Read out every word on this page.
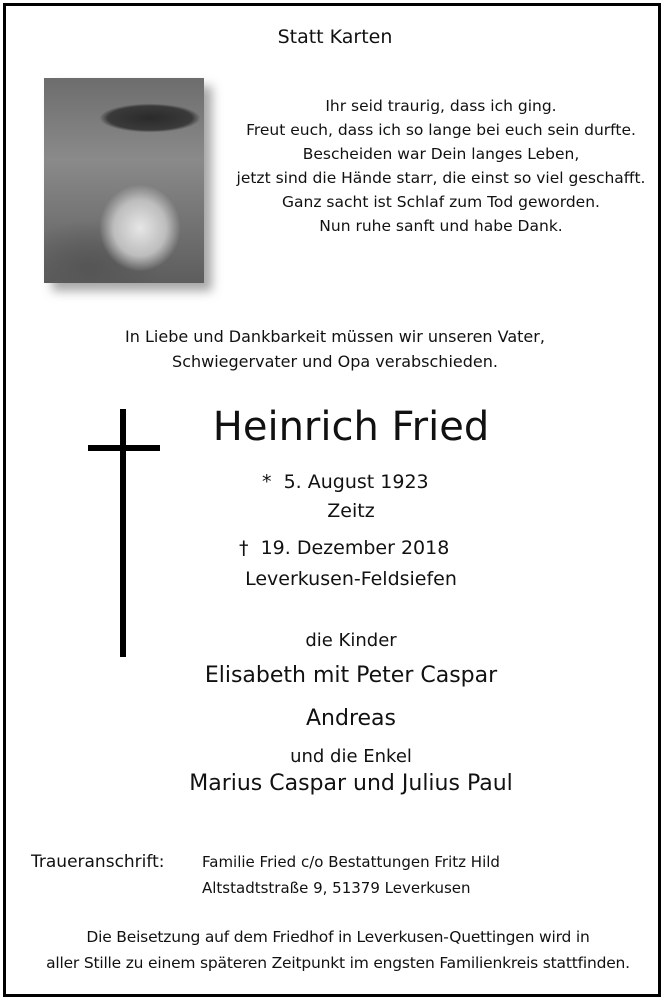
Statt Karten
Ihr seid traurig, dass ich ging.
Freut euch, dass ich so lange bei euch sein durfte.
Bescheiden war Dein langes Leben,
jetzt sind die Hände starr, die einst so viel geschafft.
Ganz sacht ist Schlaf zum Tod geworden.
Nun ruhe sanft und habe Dank.
In Liebe und Dankbarkeit müssen wir unseren Vater,
Schwiegervater und Opa verabschieden.
Heinrich Fried
* 5. August 1923
Zeitz
† 19. Dezember 2018
Leverkusen-Feldsiefen
die Kinder
Elisabeth mit Peter Caspar
Andreas
und die Enkel
Marius Caspar und Julius Paul
Traueranschrift:	Familie Fried c/o Bestattungen Fritz Hild
Altstadtstraße 9, 51379 Leverkusen
Die Beisetzung auf dem Friedhof in Leverkusen-Quettingen wird in
aller Stille zu einem späteren Zeitpunkt im engsten Familienkreis stattfinden.
